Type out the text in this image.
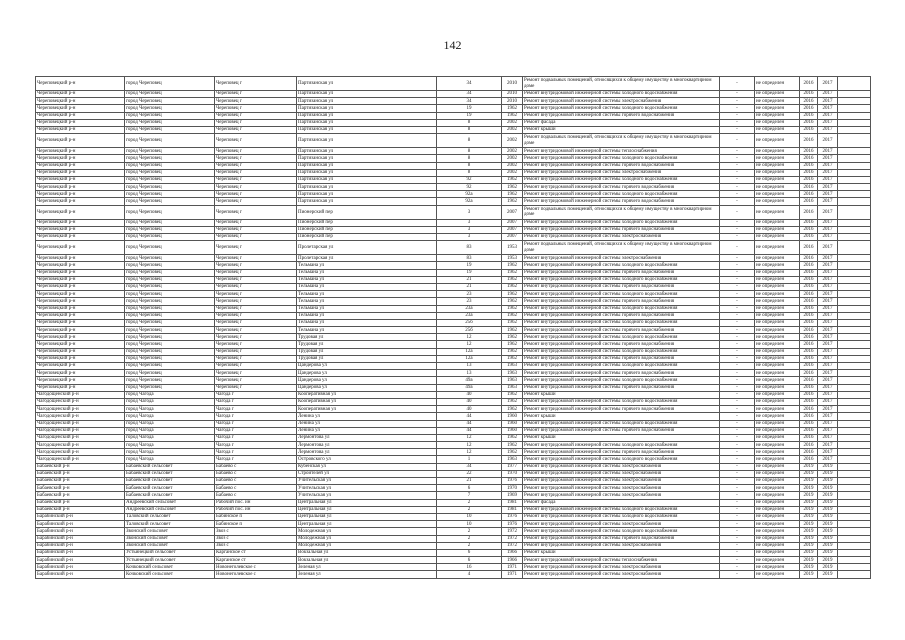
142
Череповецкий р-н	город Череповец	Череповец г	Партизанская ул	34	2010	Ремонт подвальных помещений, относящихся к общему имуществу в многоквартирном доме	-	не определен	2016	2017	
Череповецкий р-н	город Череповец	Череповец г	Партизанская ул	34	2010	Ремонт внутридомовой инженерной системы холодного водоснабжения	-	не определен	2016	2017	
Череповецкий р-н	город Череповец	Череповец г	Партизанская ул	34	2010	Ремонт внутридомовой инженерной системы электроснабжения	-	не определен	2016	2017	
Череповецкий р-н	город Череповец	Череповец г	Партизанская ул	19	1962	Ремонт внутридомовой инженерной системы холодного водоснабжения	-	не определен	2016	2017	
Череповецкий р-н	город Череповец	Череповец г	Партизанская ул	19	1962	Ремонт внутридомовой инженерной системы горячего водоснабжения	-	не определен	2016	2017	
Череповецкий р-н	город Череповец	Череповец г	Партизанская ул	8	2002	Ремонт фасада	-	не определен	2016	2017	
Череповецкий р-н	город Череповец	Череповец г	Партизанская ул	8	2002	Ремонт крыши	-	не определен	2016	2017	
Череповецкий р-н	город Череповец	Череповец г	Партизанская ул	8	2002	Ремонт подвальных помещений, относящихся к общему имуществу в многоквартирном доме	-	не определен	2016	2017	
Череповецкий р-н	город Череповец	Череповец г	Партизанская ул	8	2002	Ремонт внутридомовой инженерной системы теплоснабжения	-	не определен	2016	2017	
Череповецкий р-н	город Череповец	Череповец г	Партизанская ул	8	2002	Ремонт внутридомовой инженерной системы холодного водоснабжения	-	не определен	2016	2017	
Череповецкий р-н	город Череповец	Череповец г	Партизанская ул	8	2002	Ремонт внутридомовой инженерной системы горячего водоснабжения	-	не определен	2016	2017	
Череповецкий р-н	город Череповец	Череповец г	Партизанская ул	8	2002	Ремонт внутридомовой инженерной системы электроснабжения	-	не определен	2016	2017	
Череповецкий р-н	город Череповец	Череповец г	Партизанская ул	92	1962	Ремонт внутридомовой инженерной системы холодного водоснабжения	-	не определен	2016	2017	
Череповецкий р-н	город Череповец	Череповец г	Партизанская ул	92	1962	Ремонт внутридомовой инженерной системы горячего водоснабжения	-	не определен	2016	2017	
Череповецкий р-н	город Череповец	Череповец г	Партизанская ул	92а	1962	Ремонт внутридомовой инженерной системы холодного водоснабжения	-	не определен	2016	2017	
Череповецкий р-н	город Череповец	Череповец г	Партизанская ул	92а	1962	Ремонт внутридомовой инженерной системы горячего водоснабжения	-	не определен	2016	2017	
Череповецкий р-н	город Череповец	Череповец г	Пионерский пер	3	2007	Ремонт подвальных помещений, относящихся к общему имуществу в многоквартирном доме	-	не определен	2016	2017	
Череповецкий р-н	город Череповец	Череповец г	Пионерский пер	3	2007	Ремонт внутридомовой инженерной системы холодного водоснабжения	-	не определен	2016	2017	
Череповецкий р-н	город Череповец	Череповец г	Пионерский пер	3	2007	Ремонт внутридомовой инженерной системы горячего водоснабжения	-	не определен	2016	2017	
Череповецкий р-н	город Череповец	Череповец г	Пионерский пер	3	2007	Ремонт внутридомовой инженерной системы электроснабжения	-	не определен	2016	2017	
Череповецкий р-н	город Череповец	Череповец г	Пролетарская ул	83	1953	Ремонт подвальных помещений, относящихся к общему имуществу в многоквартирном доме	-	не определен	2016	2017	
Череповецкий р-н	город Череповец	Череповец г	Пролетарская ул	83	1953	Ремонт внутридомовой инженерной системы электроснабжения	-	не определен	2016	2017	
Череповецкий р-н	город Череповец	Череповец г	Тельмана ул	19	1962	Ремонт внутридомовой инженерной системы холодного водоснабжения	-	не определен	2016	2017	
Череповецкий р-н	город Череповец	Череповец г	Тельмана ул	19	1962	Ремонт внутридомовой инженерной системы горячего водоснабжения	-	не определен	2016	2017	
Череповецкий р-н	город Череповец	Череповец г	Тельмана ул	21	1962	Ремонт внутридомовой инженерной системы холодного водоснабжения	-	не определен	2016	2017	
Череповецкий р-н	город Череповец	Череповец г	Тельмана ул	21	1962	Ремонт внутридомовой инженерной системы горячего водоснабжения	-	не определен	2016	2017	
Череповецкий р-н	город Череповец	Череповец г	Тельмана ул	23	1962	Ремонт внутридомовой инженерной системы холодного водоснабжения	-	не определен	2016	2017	
Череповецкий р-н	город Череповец	Череповец г	Тельмана ул	23	1962	Ремонт внутридомовой инженерной системы горячего водоснабжения	-	не определен	2016	2017	
Череповецкий р-н	город Череповец	Череповец г	Тельмана ул	23а	1962	Ремонт внутридомовой инженерной системы холодного водоснабжения	-	не определен	2016	2017	
Череповецкий р-н	город Череповец	Череповец г	Тельмана ул	23а	1962	Ремонт внутридомовой инженерной системы горячего водоснабжения	-	не определен	2016	2017	
Череповецкий р-н	город Череповец	Череповец г	Тельмана ул	25б	1962	Ремонт внутридомовой инженерной системы холодного водоснабжения	-	не определен	2016	2017	
Череповецкий р-н	город Череповец	Череповец г	Тельмана ул	25б	1962	Ремонт внутридомовой инженерной системы горячего водоснабжения	-	не определен	2016	2017	
Череповецкий р-н	город Череповец	Череповец г	Трудовая ул	12	1962	Ремонт внутридомовой инженерной системы холодного водоснабжения	-	не определен	2016	2017	
Череповецкий р-н	город Череповец	Череповец г	Трудовая ул	12	1962	Ремонт внутридомовой инженерной системы горячего водоснабжения	-	не определен	2016	2017	
Череповецкий р-н	город Череповец	Череповец г	Трудовая ул	12а	1962	Ремонт внутридомовой инженерной системы холодного водоснабжения	-	не определен	2016	2017	
Череповецкий р-н	город Череповец	Череповец г	Трудовая ул	12а	1962	Ремонт внутридомовой инженерной системы горячего водоснабжения	-	не определен	2016	2017	
Череповецкий р-н	город Череповец	Череповец г	Цандерова ул	13	1963	Ремонт внутридомовой инженерной системы холодного водоснабжения	-	не определен	2016	2017	
Череповецкий р-н	город Череповец	Череповец г	Цандерова ул	13	1963	Ремонт внутридомовой инженерной системы горячего водоснабжения	-	не определен	2016	2017	
Череповецкий р-н	город Череповец	Череповец г	Цандерова ул	49а	1963	Ремонт внутридомовой инженерной системы холодного водоснабжения	-	не определен	2016	2017	
Череповецкий р-н	город Череповец	Череповец г	Цандерова ул	49а	1963	Ремонт внутридомовой инженерной системы горячего водоснабжения	-	не определен	2016	2017	
Чагодощенский р-н	город Чагода	Чагода г	Кооперативная ул	40	1962	Ремонт крыши	-	не определен	2016	2017	
Чагодощенский р-н	город Чагода	Чагода г	Кооперативная ул	40	1962	Ремонт внутридомовой инженерной системы холодного водоснабжения	-	не определен	2016	2017	
Чагодощенский р-н	город Чагода	Чагода г	Кооперативная ул	40	1962	Ремонт внутридомовой инженерной системы горячего водоснабжения	-	не определен	2016	2017	
Чагодощенский р-н	город Чагода	Чагода г	Ленина ул	44	1960	Ремонт крыши	-	не определен	2016	2017	
Чагодощенский р-н	город Чагода	Чагода г	Ленина ул	44	1960	Ремонт внутридомовой инженерной системы холодного водоснабжения	-	не определен	2016	2017	
Чагодощенский р-н	город Чагода	Чагода г	Ленина ул	44	1960	Ремонт внутридомовой инженерной системы горячего водоснабжения	-	не определен	2016	2017	
Чагодощенский р-н	город Чагода	Чагода г	Лермонтова ул	12	1962	Ремонт крыши	-	не определен	2016	2017	
Чагодощенский р-н	город Чагода	Чагода г	Лермонтова ул	12	1962	Ремонт внутридомовой инженерной системы холодного водоснабжения	-	не определен	2016	2017	
Чагодощенский р-н	город Чагода	Чагода г	Лермонтова ул	12	1962	Ремонт внутридомовой инженерной системы горячего водоснабжения	-	не определен	2016	2017	
Чагодощенский р-н	город Чагода	Чагода г	Островского ул	1	1963	Ремонт внутридомовой инженерной системы холодного водоснабжения	-	не определен	2016	2017	
Бабаевский р-н	Бабаевский сельсовет	Бабаево с	Кубенская ул	34	1977	Ремонт внутридомовой инженерной системы электроснабжения	-	не определен	2019	2019	
Бабаевский р-н	Бабаевский сельсовет	Бабаево с	Строителей ул	22	1970	Ремонт внутридомовой инженерной системы электроснабжения	-	не определен	2019	2019	
Бабаевский р-н	Бабаевский сельсовет	Бабаево с	Учительская ул	21	1976	Ремонт внутридомовой инженерной системы электроснабжения	-	не определен	2019	2019	
Бабаевский р-н	Бабаевский сельсовет	Бабаево с	Учительская ул	6	1970	Ремонт внутридомовой инженерной системы электроснабжения	-	не определен	2019	2019	
Бабаевский р-н	Бабаевский сельсовет	Бабаево с	Учительская ул	7	1969	Ремонт внутридомовой инженерной системы электроснабжения	-	не определен	2019	2019	
Бабаевский р-н	Андреевский сельсовет	Рабочий пос. ин	Центральная ул	2	1981	Ремонт фасада	-	не определен	2019	2019	
Бабаевский р-н	Андреевский сельсовет	Рабочий пос. ин	Центральная ул	2	1981	Ремонт внутридомовой инженерной системы холодного водоснабжения	-	не определен	2019	2019	
Барабинский р-н	Таловский сельсовет	Бабинское п	Центральная ул	10	1976	Ремонт внутридомовой инженерной системы холодного водоснабжения	-	не определен	2019	2019	
Барабинский р-н	Таловский сельсовет	Бабинское п	Центральная ул	10	1976	Ремонт внутридомовой инженерной системы электроснабжения	-	не определен	2019	2019	
Барабинский р-н	Звонский сельсовет	Звоз с	Молодежная ул	2	1972	Ремонт внутридомовой инженерной системы холодного водоснабжения	-	не определен	2019	2019	
Барабинский р-н	Звонский сельсовет	Звоз с	Молодежная ул	2	1972	Ремонт внутридомовой инженерной системы горячего водоснабжения	-	не определен	2019	2019	
Барабинский р-н	Звонский сельсовет	Звоз с	Молодежная ул	2	1972	Ремонт внутридомовой инженерной системы электроснабжения	-	не определен	2019	2019	
Барабинский р-н	Устьинецкий сельсовет	Карганское ст	Вокзальная ул	6	1966	Ремонт крыши	-	не определен	2019	2019	
Барабинский р-н	Устьинецкий сельсовет	Карганское ст	Вокзальная ул	6	1966	Ремонт внутридомовой инженерной системы теплоснабжения	-	не определен	2019	2019	
Барабинский р-н	Кочковский сельсовет	Новонеголевское с	Зеленая ул	16	1971	Ремонт внутридомовой инженерной системы электроснабжения	-	не определен	2019	2019	
Барабинский р-н	Кочковский сельсовет	Новонеголевское с	Зеленая ул	4	1971	Ремонт внутридомовой инженерной системы электроснабжения	-	не определен	2019	2019	
